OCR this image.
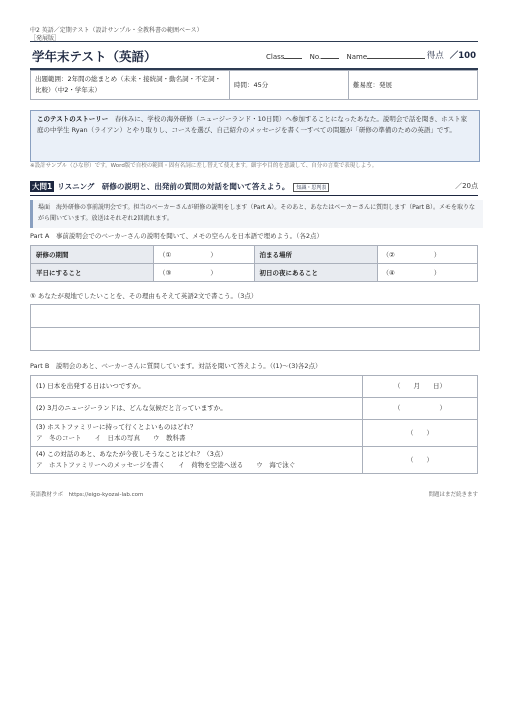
中2 英語／定期テスト（設計サンプル・全教科書の範囲ベース）
［発展版］
学年末テスト（英語）	Class	No.	Name	得点 ／100
出題範囲：2年間の総まとめ（未来・接続詞・動名詞・不定詞・比較）（中2・学年末）	時間：45分	難易度：発展
このテストのストーリー　 春休みに、学校の海外研修（ニュージーランド・10日間）へ参加することになったあなた。説明会で話を聞き、ホスト家庭の中学生 Ryan（ライアン）とやり取りし、コースを選び、自己紹介のメッセージを書く一すべての問題が「研修の準備のための英語」です。
※設計サンプル（ひな形）です。Word版で自校の範囲・固有名詞に差し替えて使えます。細字や目的を意識して、自分の言葉で表現しよう。
大問1 リスニング　研修の説明と、出発前の質問の対話を聞いて答えよう。 知識・思判表	／20点
場面　海外研修の事前説明会です。担当のベーカーさんが研修の説明をします（Part A）。そのあと、あなたはベーカーさんに質問します（Part B）。メモを取りながら聞いています。放送はそれぞれ2回流れます。
Part A　事前説明会でのベーカーさんの説明を聞いて、メモの空らんを日本語で埋めよう。（各2点）
研修の期間	（①　　　　　　）	泊まる場所	（②　　　　　　）
平日にすること	（③　　　　　　）	初日の夜にあること	（④　　　　　　）
⑤ あなたが現地でしたいことを、その理由もそえて英語2文で書こう。（3点）
Part B　説明会のあと、ベーカーさんに質問しています。対話を聞いて答えよう。（(1)〜(3)各2点）
(1) 日本を出発する日はいつですか。	（　　月　　日）
(2) 3月のニュージーランドは、どんな気候だと言っていますか。	（　　　　　　）

(3) ホストファミリーに持って行くとよいものはどれ？
ア　冬のコート　　イ　日本の写真　　ウ　教科書	（　　）

(4) この対話のあと、あなたが今夜しそうなことはどれ？（3点）
ア　ホストファミリーへのメッセージを書く　　イ　荷物を空港へ送る　　ウ　海で泳ぐ	（　　）
英語教材ラボ　https://eigo-kyozai-lab.com	問題はまだ続きます
